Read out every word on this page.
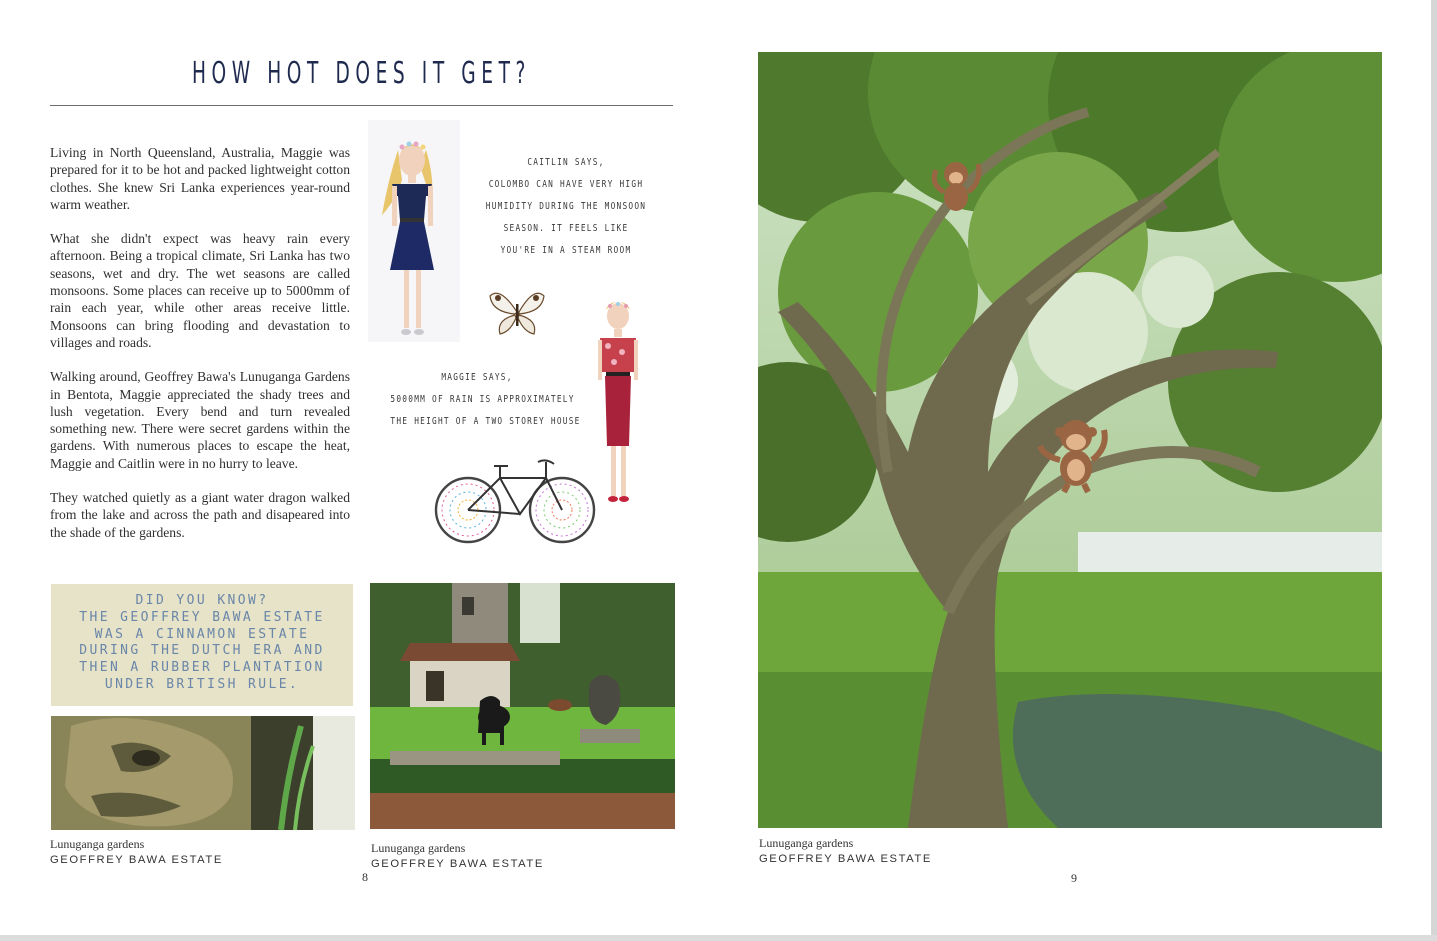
HOW HOT DOES IT GET?

Living in North Queensland, Australia, Maggie was prepared for it to be hot and packed lightweight cotton clothes. She knew Sri Lanka experiences year-round warm weather.

What she didn't expect was heavy rain every afternoon. Being a tropical climate, Sri Lanka has two seasons, wet and dry. The wet seasons are called monsoons. Some places can receive up to 5000mm of rain each year, while other areas receive little. Monsoons can bring flooding and devastation to villages and roads.

Walking around, Geoffrey Bawa's Lunuganga Gardens in Bentota, Maggie appreciated the shady trees and lush vegetation. Every bend and turn revealed something new. There were secret gardens within the gardens. With numerous places to escape the heat, Maggie and Caitlin were in no hurry to leave.

They watched quietly as a giant water dragon walked from the lake and across the path and disapeared into the shade of the gardens.

CAITLIN SAYS,
COLOMBO CAN HAVE VERY HIGH
HUMIDITY DURING THE MONSOON
SEASON. IT FEELS LIKE
YOU'RE IN A STEAM ROOM
MAGGIE SAYS,
5000MM OF RAIN IS APPROXIMATELY
THE HEIGHT OF A TWO STOREY HOUSE
DID YOU KNOW?
THE GEOFFREY BAWA ESTATE
WAS A CINNAMON ESTATE
DURING THE DUTCH ERA AND
THEN A RUBBER PLANTATION
UNDER BRITISH RULE.
Lunuganga gardens
GEOFFREY BAWA ESTATE
Lunuganga gardens
GEOFFREY BAWA ESTATE
8
Lunuganga gardens
GEOFFREY BAWA ESTATE
9
